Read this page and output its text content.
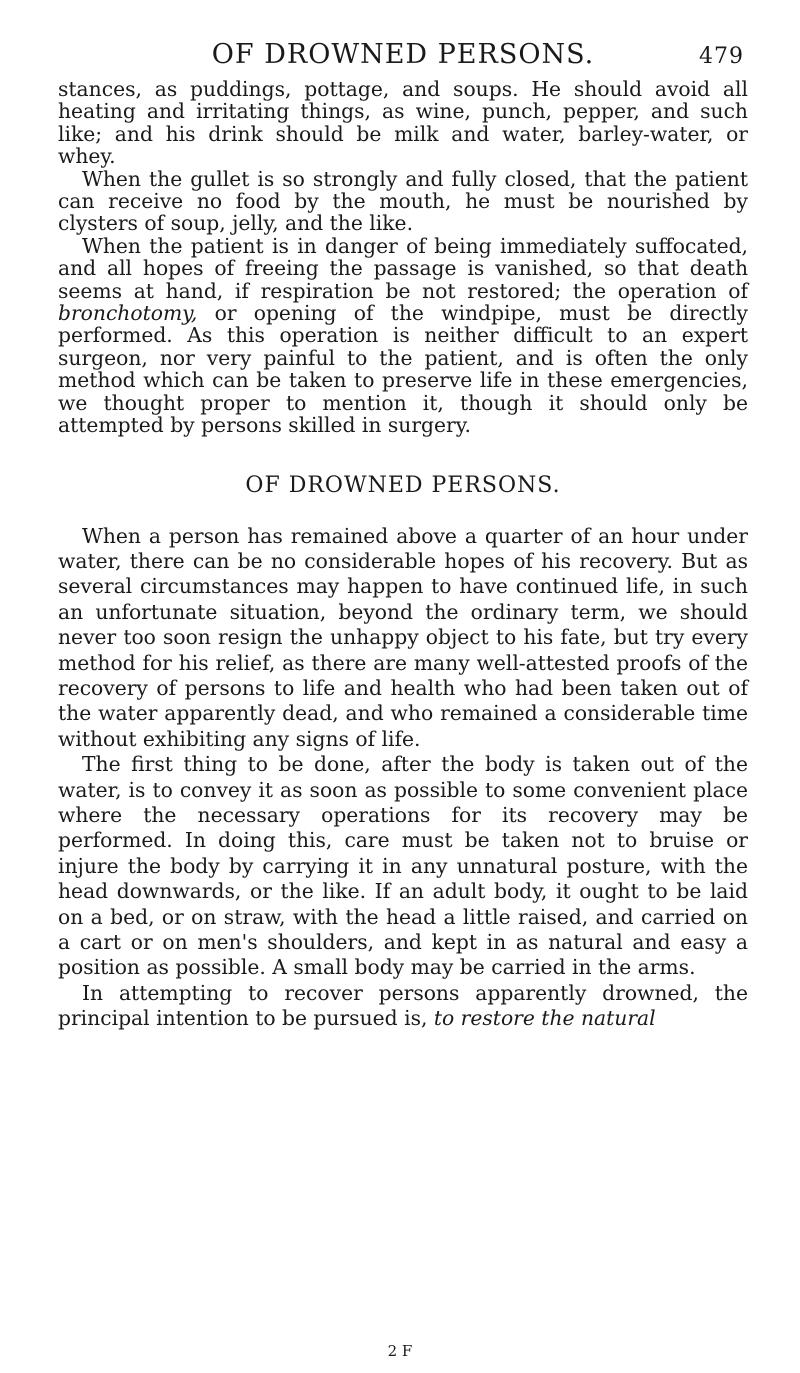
OF DROWNED PERSONS.	479

stances, as puddings, pottage, and soups. He should avoid all heating and irritating things, as wine, punch, pepper, and such like; and his drink should be milk and water, barley-water, or whey.

When the gullet is so strongly and fully closed, that the patient can receive no food by the mouth, he must be nourished by clysters of soup, jelly, and the like.

When the patient is in danger of being immediately suffocated, and all hopes of freeing the passage is vanished, so that death seems at hand, if respiration be not restored; the operation of bronchotomy, or opening of the windpipe, must be directly performed. As this operation is neither difficult to an expert surgeon, nor very painful to the patient, and is often the only method which can be taken to preserve life in these emergencies, we thought proper to mention it, though it should only be attempted by persons skilled in surgery.

OF DROWNED PERSONS.

When a person has remained above a quarter of an hour under water, there can be no considerable hopes of his recovery. But as several circumstances may happen to have continued life, in such an unfortunate situation, beyond the ordinary term, we should never too soon resign the unhappy object to his fate, but try every method for his relief, as there are many well-attested proofs of the recovery of persons to life and health who had been taken out of the water apparently dead, and who remained a considerable time without exhibiting any signs of life.

The first thing to be done, after the body is taken out of the water, is to convey it as soon as possible to some convenient place where the necessary operations for its recovery may be performed. In doing this, care must be taken not to bruise or injure the body by carrying it in any unnatural posture, with the head downwards, or the like. If an adult body, it ought to be laid on a bed, or on straw, with the head a little raised, and carried on a cart or on men's shoulders, and kept in as natural and easy a position as possible. A small body may be carried in the arms.

In attempting to recover persons apparently drowned, the principal intention to be pursued is, to restore the natural

2 F
